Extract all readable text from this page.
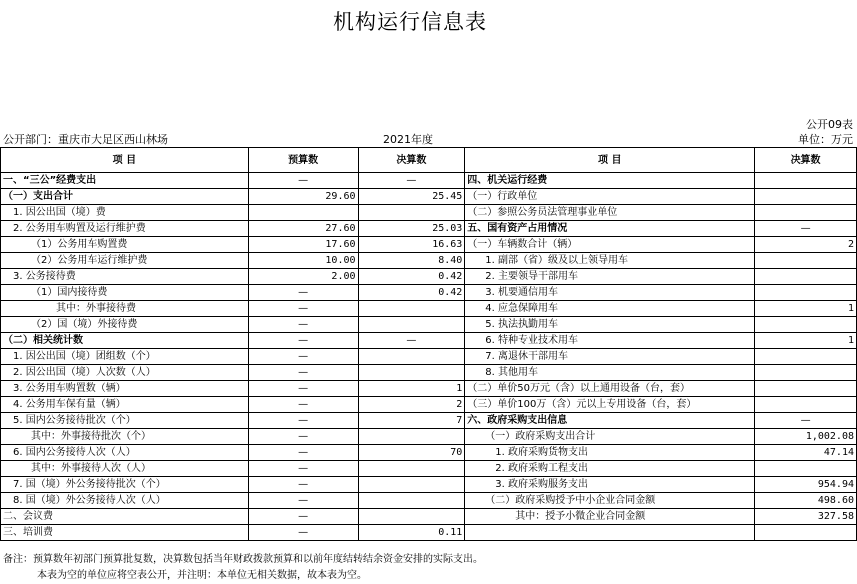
机构运行信息表
公开09表
公开部门：重庆市大足区西山林场	2021年度	单位：万元
项 目	预算数	决算数	项 目	决算数
一、“三公”经费支出	—	—	四、机关运行经费	
（一）支出合计	29.60	25.45	（一）行政单位	
1. 因公出国（境）费			（二）参照公务员法管理事业单位	
2. 公务用车购置及运行维护费	27.60	25.03	五、国有资产占用情况	—
（1）公务用车购置费	17.60	16.63	（一）车辆数合计（辆）	2
（2）公务用车运行维护费	10.00	8.40	1. 副部（省）级及以上领导用车	
3. 公务接待费	2.00	0.42	2. 主要领导干部用车	
（1）国内接待费	—	0.42	3. 机要通信用车	
其中：外事接待费	—		4. 应急保障用车	1
（2）国（境）外接待费	—		5. 执法执勤用车	
（二）相关统计数	—	—	6. 特种专业技术用车	1
1. 因公出国（境）团组数（个）	—		7. 离退休干部用车	
2. 因公出国（境）人次数（人）	—		8. 其他用车	
3. 公务用车购置数（辆）	—	1	（二）单价50万元（含）以上通用设备（台，套）	
4. 公务用车保有量（辆）	—	2	（三）单价100万（含）元以上专用设备（台，套）	
5. 国内公务接待批次（个）	—	7	六、政府采购支出信息	—
其中：外事接待批次（个）	—		（一）政府采购支出合计	1,002.08
6. 国内公务接待人次（人）	—	70	1. 政府采购货物支出	47.14
其中：外事接待人次（人）	—		2. 政府采购工程支出	
7. 国（境）外公务接待批次（个）	—		3. 政府采购服务支出	954.94
8. 国（境）外公务接待人次（人）	—		（二）政府采购授予中小企业合同金额	498.60
二、会议费	—		其中：授予小微企业合同金额	327.58
三、培训费	—	0.11		
备注：预算数年初部门预算批复数，决算数包括当年财政拨款预算和以前年度结转结余资金安排的实际支出。
本表为空的单位应将空表公开，并注明：本单位无相关数据，故本表为空。
